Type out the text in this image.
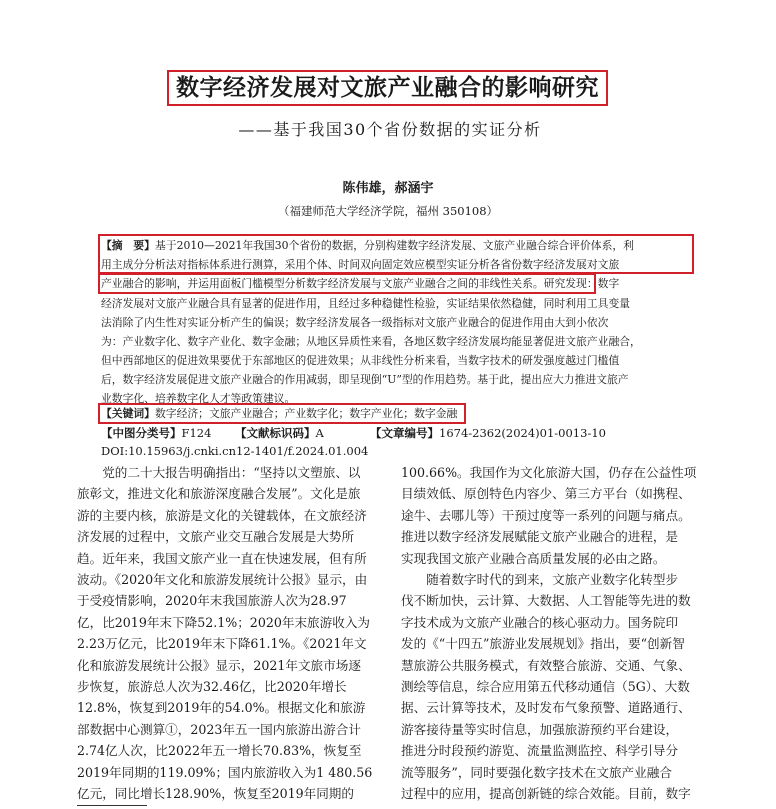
数字经济发展对文旅产业融合的影响研究
——基于我国30个省份数据的实证分析
陈伟雄，郝涵宇
（福建师范大学经济学院，福州 350108）
【摘　要】基于2010—2021年我国30个省份的数据，分别构建数字经济发展、文旅产业融合综合评价体系，利
用主成分分析法对指标体系进行测算，采用个体、时间双向固定效应模型实证分析各省份数字经济发展对文旅
产业融合的影响，并运用面板门槛模型分析数字经济发展与文旅产业融合之间的非线性关系。研究发现：数字
经济发展对文旅产业融合具有显著的促进作用，且经过多种稳健性检验，实证结果依然稳健，同时利用工具变量
法消除了内生性对实证分析产生的偏误；数字经济发展各一级指标对文旅产业融合的促进作用由大到小依次
为：产业数字化、数字产业化、数字金融；从地区异质性来看，各地区数字经济发展均能显著促进文旅产业融合，
但中西部地区的促进效果要优于东部地区的促进效果；从非线性分析来看，当数字技术的研发强度越过门槛值
后，数字经济发展促进文旅产业融合的作用减弱，即呈现倒“U”型的作用趋势。基于此，提出应大力推进文旅产
业数字化、培养数字化人才等政策建议。
【关键词】数字经济；文旅产业融合；产业数字化；数字产业化；数字金融
【中图分类号】F124 【文献标识码】A	【文章编号】1674-2362(2024)01-0013-10
DOI:10.15963/j.cnki.cn12-1401/f.2024.01.004
　　党的二十大报告明确指出：“坚持以文塑旅、以
旅彰文，推进文化和旅游深度融合发展”。文化是旅
游的主要内核，旅游是文化的关键载体，在文旅经济
济发展的过程中，文旅产业交互融合发展是大势所
趋。近年来，我国文旅产业一直在快速发展，但有所
波动。《2020年文化和旅游发展统计公报》显示，由
于受疫情影响，2020年末我国旅游人次为28.97
亿，比2019年末下降52.1%；2020年末旅游收入为
2.23万亿元，比2019年末下降61.1%。《2021年文
化和旅游发展统计公报》显示，2021年文旅市场逐
步恢复，旅游总人次为32.46亿，比2020年增长
12.8%，恢复到2019年的54.0%。根据文化和旅游
部数据中心测算①，2023年五一国内旅游出游合计
2.74亿人次，比2022年五一增长70.83%，恢复至
2019年同期的119.09%；国内旅游收入为1 480.56
亿元，同比增长128.90%，恢复至2019年同期的
100.66%。我国作为文化旅游大国，仍存在公益性项
目绩效低、原创特色内容少、第三方平台（如携程、
途牛、去哪儿等）干预过度等一系列的问题与痛点。
推进以数字经济发展赋能文旅产业融合的进程，是
实现我国文旅产业融合高质量发展的必由之路。
　　随着数字时代的到来，文旅产业数字化转型步
伐不断加快，云计算、大数据、人工智能等先进的数
字技术成为文旅产业融合的核心驱动力。国务院印
发的《“十四五”旅游业发展规划》指出，要“创新智
慧旅游公共服务模式，有效整合旅游、交通、气象、
测绘等信息，综合应用第五代移动通信（5G）、大数
据、云计算等技术，及时发布气象预警、道路通行、
游客接待量等实时信息，加强旅游预约平台建设，
推进分时段预约游览、流量监测监控、科学引导分
流等服务”，同时要强化数字技术在文旅产业融合
过程中的应用，提高创新链的综合效能。目前，数字
